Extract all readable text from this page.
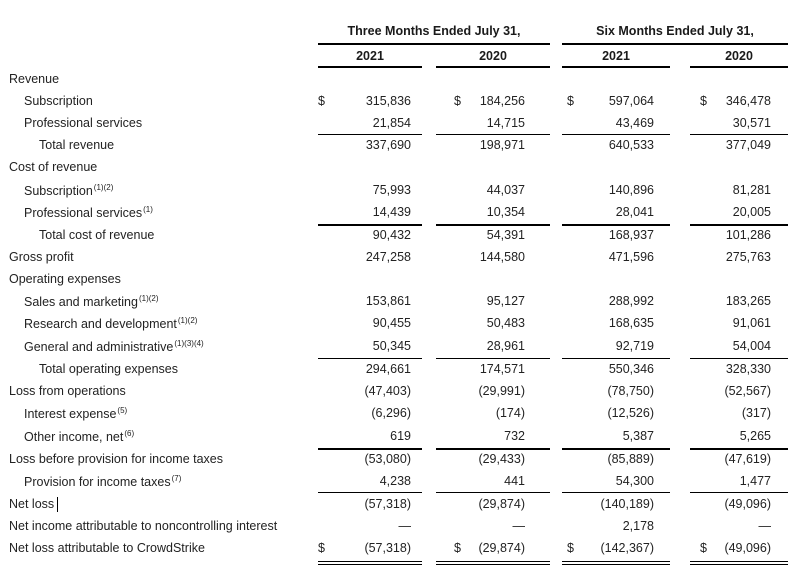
Three Months Ended July 31,	Six Months Ended July 31,
2021	2020	2021	2020
Revenue
Subscription	$	315,836	$ 184,256	$	597,064	$ 346,478
Professional services	21,854	14,715	43,469	30,571
Total revenue	337,690	198,971	640,533	377,049
Cost of revenue
Subscription$^{(1)(2)}$	75,993	44,037	140,896	81,281
Professional services$^{(1)}$	14,439	10,354	28,041	20,005
Total cost of revenue	90,432	54,391	168,937	101,286
Gross profit	247,258	144,580	471,596	275,763
Operating expenses
Sales and marketing$^{(1)(2)}$	153,861	95,127	288,992	183,265
Research and development$^{(1)(2)}$	90,455	50,483	168,635	91,061
General and administrative$^{(1)(3)(4)}$	50,345	28,961	92,719	54,004
Total operating expenses	294,661	174,571	550,346	328,330
Loss from operations	(47,403)	(29,991)	(78,750)	(52,567)
Interest expense$^{(5)}$	(6,296)	(174)	(12,526)	(317)
Other income, net$^{(6)}$	619	732	5,387	5,265
Loss before provision for income taxes	(53,080)	(29,433)	(85,889)	(47,619)
Provision for income taxes$^{(7)}$	4,238	441	54,300	1,477
Net loss	(57,318)	(29,874)	(140,189)	(49,096)
Net income attributable to noncontrolling interest	—	—	2,178	—
Net loss attributable to CrowdStrike	$	(57,318)	$ (29,874)	$ (142,367)	$ (49,096)
